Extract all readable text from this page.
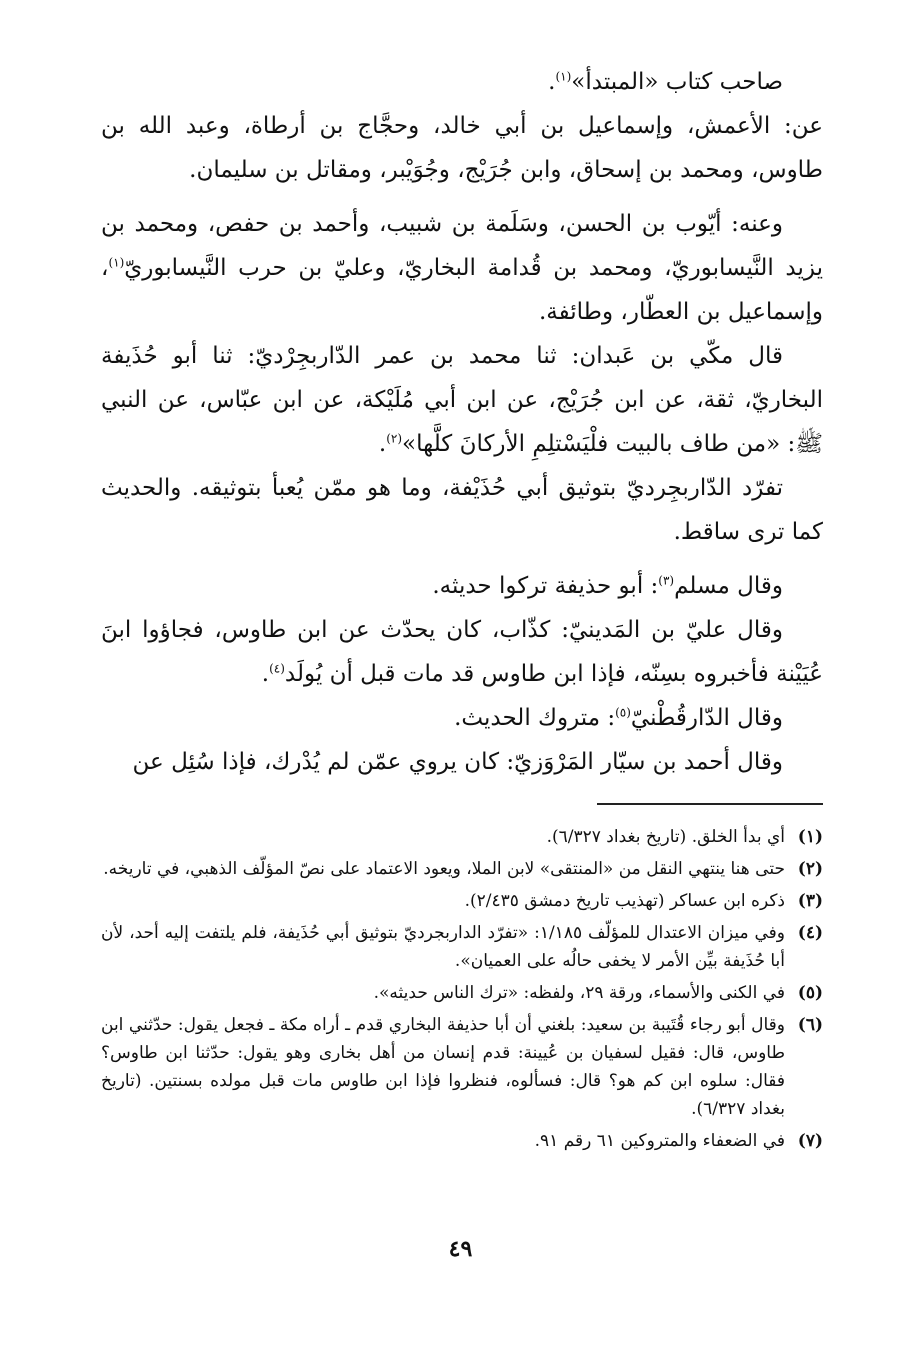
صاحب كتاب «المبتدأ»$^{(١)}$.

عن: الأعمش، وإسماعيل بن أبي خالد، وحجَّاج بن أرطاة، وعبد الله بن طاوس، ومحمد بن إسحاق، وابن جُرَيْج، وجُوَيْبر، ومقاتل بن سليمان.

وعنه: أيّوب بن الحسن، وسَلَمة بن شبيب، وأحمد بن حفص، ومحمد بن يزيد النَّيسابوريّ، ومحمد بن قُدامة البخاريّ، وعليّ بن حرب النَّيسابوريّ$^{(١)}$، وإسماعيل بن العطّار، وطائفة.

قال مكّي بن عَبدان: ثنا محمد بن عمر الدّاربجِرْديّ: ثنا أبو حُذَيفة البخاريّ، ثقة، عن ابن جُرَيْج، عن ابن أبي مُلَيْكة، عن ابن عبّاس، عن النبي ﷺ: «من طاف بالبيت فلْيَسْتلِمِ الأركانَ كلَّها»$^{(٢)}$.

تفرّد الدّاربجِرديّ بتوثيق أبي حُذَيْفة، وما هو ممّن يُعبأ بتوثيقه. والحديث كما ترى ساقط.

وقال مسلم$^{(٣)}$: أبو حذيفة تركوا حديثه.

وقال عليّ بن المَدينيّ: كذّاب، كان يحدّث عن ابن طاوس، فجاؤوا ابنَ عُيَيْنة فأخبروه بسِنّه، فإذا ابن طاوس قد مات قبل أن يُولَد$^{(٤)}$.

وقال الدّارقُطْنيّ$^{(٥)}$: متروك الحديث.

وقال أحمد بن سيّار المَرْوَزيّ: كان يروي عمّن لم يُدْرك، فإذا سُئِل عن

(١)
أي بدأ الخلق. (تاريخ بغداد ٦/٣٢٧).
(٢)
حتى هنا ينتهي النقل من «المنتقى» لابن الملا، ويعود الاعتماد على نصّ المؤلّف الذهبي، في تاريخه.
(٣)
ذكره ابن عساكر (تهذيب تاريخ دمشق ٢/٤٣٥).
(٤)
وفي ميزان الاعتدال للمؤلّف ١/١٨٥: «تفرّد الداربجرديّ بتوثيق أبي حُذَيفة، فلم يلتفت إليه أحد، لأن أبا حُذَيفة بيِّن الأمر لا يخفى حالُه على العميان».
(٥)
في الكنى والأسماء، ورقة ٢٩، ولفظه: «ترك الناس حديثه».
(٦)
وقال أبو رجاء قُتَيبة بن سعيد: بلغني أن أبا حذيفة البخاري قدم ـ أراه مكة ـ فجعل يقول: حدّثني ابن طاوس، قال: فقيل لسفيان بن عُيينة: قدم إنسان من أهل بخارى وهو يقول: حدّثنا ابن طاوس؟ فقال: سلوه ابن كم هو؟ قال: فسألوه، فنظروا فإذا ابن طاوس مات قبل مولده بسنتين. (تاريخ بغداد ٦/٣٢٧).
(٧)
في الضعفاء والمتروكين ٦١ رقم ٩١.
٤٩
